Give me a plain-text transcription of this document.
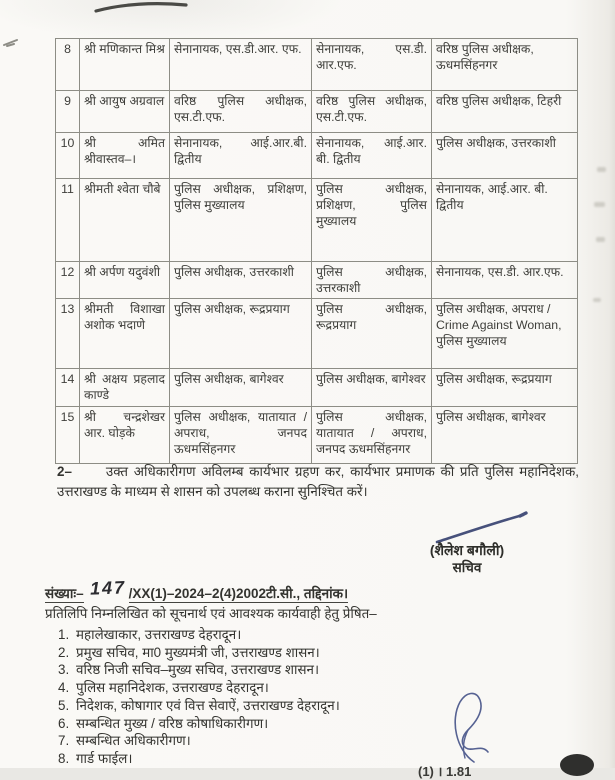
8	श्री मणिकान्त मिश्र	सेनानायक, एस.डी.आर. एफ.	सेनानायक, एस.डी. आर.एफ.	वरिष्ठ पुलिस अधीक्षक, ऊधमसिंहनगर
9	श्री आयुष अग्रवाल	वरिष्ठ पुलिस अधीक्षक, एस.टी.एफ.	वरिष्ठ पुलिस अधीक्षक, एस.टी.एफ.	वरिष्ठ पुलिस अधीक्षक, टिहरी
10	श्री अमित श्रीवास्तव–।	सेनानायक, आई.आर.बी. द्वितीय	सेनानायक, आई.आर. बी. द्वितीय	पुलिस अधीक्षक, उत्तरकाशी
11	श्रीमती श्वेता चौबे	पुलिस अधीक्षक, प्रशिक्षण, पुलिस मुख्यालय	पुलिस अधीक्षक, प्रशिक्षण, पुलिस मुख्यालय	सेनानायक, आई.आर. बी. द्वितीय
12	श्री अर्पण यदुवंशी	पुलिस अधीक्षक, उत्तरकाशी	पुलिस अधीक्षक, उत्तरकाशी	सेनानायक, एस.डी. आर.एफ.
13	श्रीमती विशाखा अशोक भदाणे	पुलिस अधीक्षक, रूद्रप्रयाग	पुलिस अधीक्षक, रूद्रप्रयाग	पुलिस अधीक्षक, अपराध / Crime Against Woman, पुलिस मुख्यालय
14	श्री अक्षय प्रहलाद काण्डे	पुलिस अधीक्षक, बागेश्वर	पुलिस अधीक्षक, बागेश्वर	पुलिस अधीक्षक, रूद्रप्रयाग
15	श्री चन्द्रशेखर आर. घोड़के	पुलिस अधीक्षक, यातायात / अपराध, जनपद ऊधमसिंहनगर	पुलिस अधीक्षक, यातायात / अपराध, जनपद ऊधमसिंहनगर	पुलिस अधीक्षक, बागेश्वर
2–	उक्त अधिकारीगण अविलम्ब कार्यभार ग्रहण कर, कार्यभार प्रमाणक की प्रति पुलिस महानिदेशक, उत्तराखण्ड के माध्यम से शासन को उपलब्ध कराना सुनिश्चित करें।
(शैलेश बगौली)
सचिव
संख्याः– 147 /XX(1)–2024–2(4)2002टी.सी., तद्दिनांक।
प्रतिलिपि निम्नलिखित को सूचनार्थ एवं आवश्यक कार्यवाही हेतु प्रेषित–
1. महालेखाकार, उत्तराखण्ड देहरादून।
2. प्रमुख सचिव, मा0 मुख्यमंत्री जी, उत्तराखण्ड शासन।
3. वरिष्ठ निजी सचिव–मुख्य सचिव, उत्तराखण्ड शासन।
4. पुलिस महानिदेशक, उत्तराखण्ड देहरादून।
5. निदेशक, कोषागार एवं वित्त सेवाऐं, उत्तराखण्ड देहरादून।
6. सम्बन्धित मुख्य / वरिष्ठ कोषाधिकारीगण।
7. सम्बन्धित अधिकारीगण।
8. गार्ड फाईल।
(1) । 1.81
